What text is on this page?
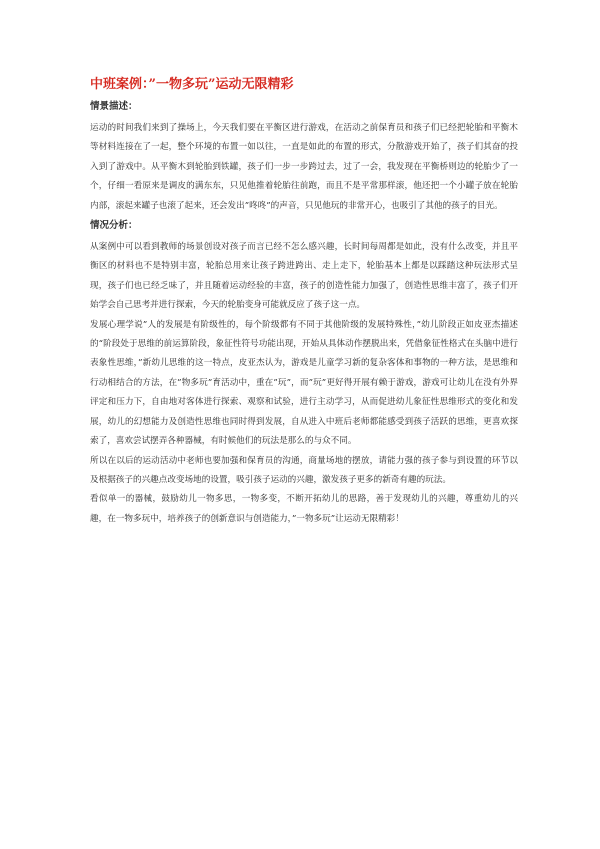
中班案例：”一物多玩”运动无限精彩
情景描述：

运动的时间我们来到了操场上，今天我们要在平衡区进行游戏，在活动之前保育员和孩子们已经把轮胎和平衡木等材料连接在了一起，整个环境的布置一如以往，一直是如此的布置的形式，分散游戏开始了，孩子们其奋的投入到了游戏中。从平衡木到轮胎到铁罐，孩子们一步一步跨过去，过了一会，我发现在平衡桥则边的轮胎少了一个，仔细一看原来是调皮的满东东，只见他推着轮胎往前跑，而且不是平常那样滚，他还把一个小罐子放在轮胎内部，滚起来罐子也滚了起来，还会发出”咚咚”的声音，只见他玩的非常开心，也吸引了其他的孩子的目光。

情况分析：

从案例中可以看到教师的场景创设对孩子而言已经不怎么感兴趣，长时间每周都是如此，没有什么改变，并且平衡区的材料也不是特别丰富，轮胎总用来让孩子跨进跨出、走上走下，轮胎基本上都是以踩踏这种玩法形式呈现，孩子们也已经乏味了，并且随着运动经验的丰富，孩子的创造性能力加强了，创造性思维丰富了，孩子们开始学会自己思考并进行探索，今天的轮胎变身可能就反应了孩子这一点。

发展心理学说”人的发展是有阶级性的，每个阶级都有不同于其他阶级的发展特殊性，”幼儿阶段正如皮亚杰描述的“阶段处于思维的前运算阶段，象征性符号功能出现，开始从具体动作摆脱出来，凭借象征性格式在头脑中进行表象性思维，”新幼儿思维的这一特点，皮亚杰认为，游戏是儿童学习新的复杂客体和事物的一种方法，是思维和行动相结合的方法，在”物多玩”育活动中，重在”玩”，而”玩”更好得开展有赖于游戏，游戏可让幼儿在没有外界评定和压力下，自由地对客体进行探索、观察和试验，进行主动学习，从而促进幼儿象征性思维形式的变化和发展，幼儿的幻想能力及创造性思维也同时得到发展，自从进入中班后老师都能感受到孩子活跃的思维，更喜欢探索了，喜欢尝试摆弄各种器械，有时候他们的玩法是那么的与众不同。

所以在以后的运动活动中老师也要加强和保育员的沟通，商量场地的摆放，请能力强的孩子参与到设置的环节以及根据孩子的兴趣点改变场地的设置，吸引孩子运动的兴趣，激发孩子更多的新奇有趣的玩法。

看似单一的器械，鼓励幼儿一物多思，一物多变，不断开拓幼儿的思路，善于发现幼儿的兴趣，尊重幼儿的兴趣，在一物多玩中，培养孩子的创新意识与创造能力，”一物多玩”让运动无限精彩！
